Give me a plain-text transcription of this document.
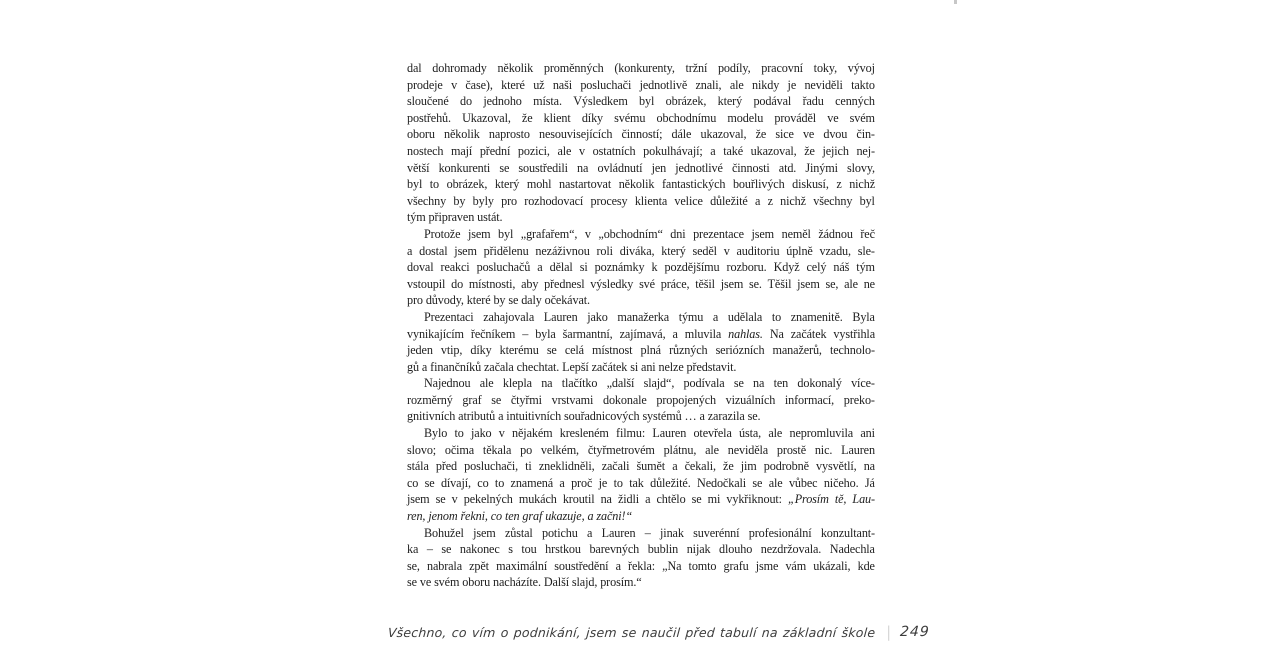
dal dohromady několik proměnných (konkurenty, tržní podíly, pracovní toky, vývoj
prodeje v čase), které už naši posluchači jednotlivě znali, ale nikdy je neviděli takto
sloučené do jednoho místa. Výsledkem byl obrázek, který podával řadu cenných
postřehů. Ukazoval, že klient díky svému obchodnímu modelu prováděl ve svém
oboru několik naprosto nesouvisejících činností; dále ukazoval, že sice ve dvou čin-
nostech mají přední pozici, ale v ostatních pokulhávají; a také ukazoval, že jejich nej-
větší konkurenti se soustředili na ovládnutí jen jednotlivé činnosti atd. Jinými slovy,
byl to obrázek, který mohl nastartovat několik fantastických bouřlivých diskusí, z nichž
všechny by byly pro rozhodovací procesy klienta velice důležité a z nichž všechny byl
tým připraven ustát.
Protože jsem byl „grafařem“, v „obchodním“ dni prezentace jsem neměl žádnou řeč
a dostal jsem přidělenu nezáživnou roli diváka, který seděl v auditoriu úplně vzadu, sle-
doval reakci posluchačů a dělal si poznámky k pozdějšímu rozboru. Když celý náš tým
vstoupil do místnosti, aby přednesl výsledky své práce, těšil jsem se. Těšil jsem se, ale ne
pro důvody, které by se daly očekávat.
Prezentaci zahajovala Lauren jako manažerka týmu a udělala to znamenitě. Byla
vynikajícím řečníkem – byla šarmantní, zajímavá, a mluvila nahlas. Na začátek vystřihla
jeden vtip, díky kterému se celá místnost plná různých seriózních manažerů, technolo-
gů a finančníků začala chechtat. Lepší začátek si ani nelze představit.
Najednou ale klepla na tlačítko „další slajd“, podívala se na ten dokonalý více-
rozměrný graf se čtyřmi vrstvami dokonale propojených vizuálních informací, preko-
gnitivních atributů a intuitivních souřadnicových systémů … a zarazila se.
Bylo to jako v nějakém kresleném filmu: Lauren otevřela ústa, ale nepromluvila ani
slovo; očima těkala po velkém, čtyřmetrovém plátnu, ale neviděla prostě nic. Lauren
stála před posluchači, ti zneklidněli, začali šumět a čekali, že jim podrobně vysvětlí, na
co se dívají, co to znamená a proč je to tak důležité. Nedočkali se ale vůbec ničeho. Já
jsem se v pekelných mukách kroutil na židli a chtělo se mi vykřiknout: „Prosím tě, Lau-
ren, jenom řekni, co ten graf ukazuje, a začni!“
Bohužel jsem zůstal potichu a Lauren – jinak suverénní profesionální konzultant-
ka – se nakonec s tou hrstkou barevných bublin nijak dlouho nezdržovala. Nadechla
se, nabrala zpět maximální soustředění a řekla: „Na tomto grafu jsme vám ukázali, kde
se ve svém oboru nacházíte. Další slajd, prosím.“
Všechno, co vím o podnikání, jsem se naučil před tabulí na základní škole | 249
